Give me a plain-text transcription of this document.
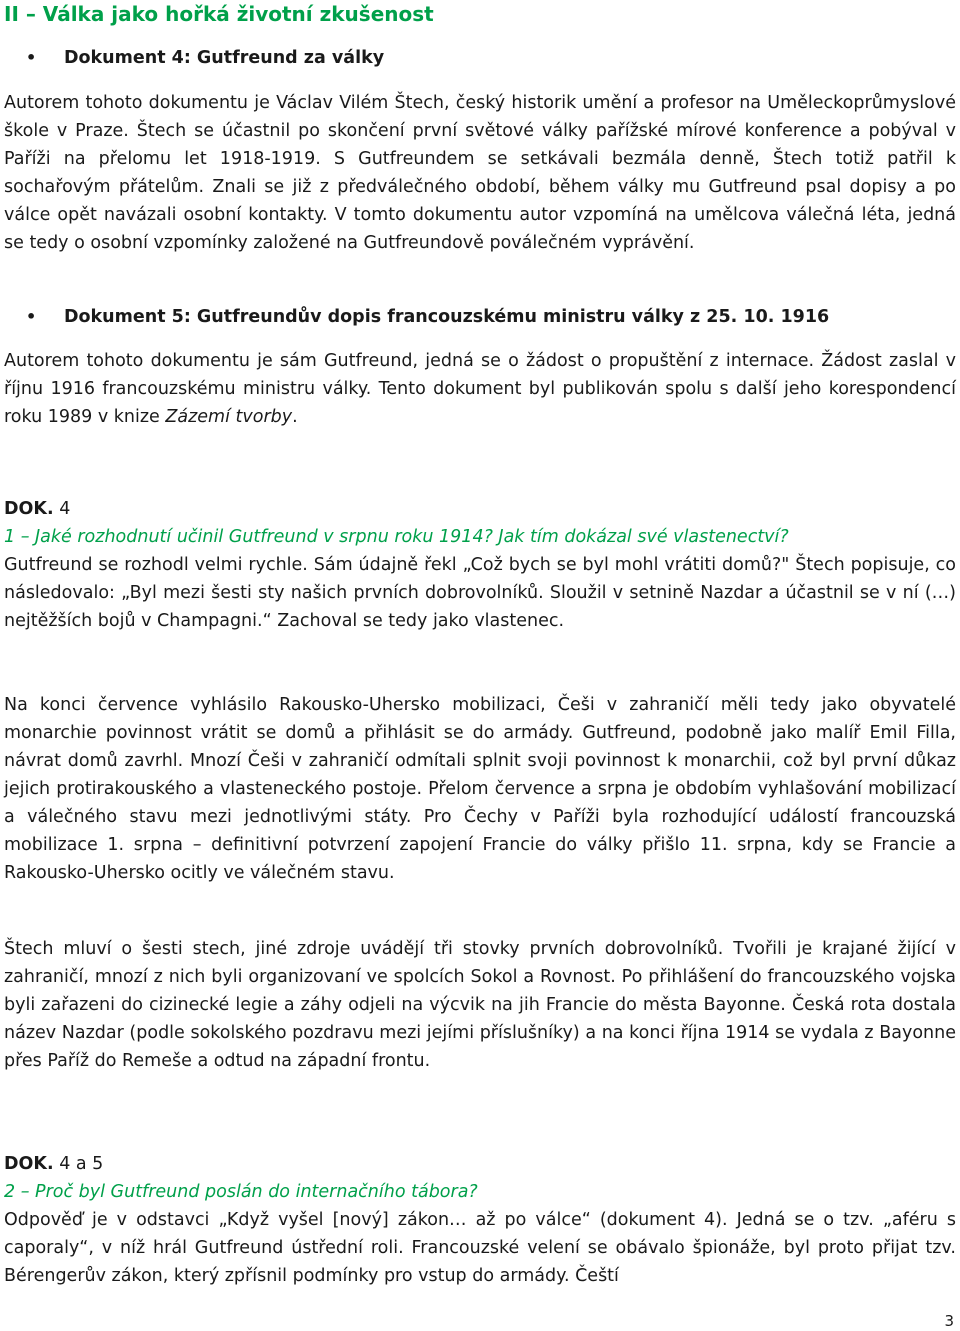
II – Válka jako hořká životní zkušenost
• Dokument 4: Gutfreund za války

Autorem tohoto dokumentu je Václav Vilém Štech, český historik umění a profesor na Uměleckoprůmyslové škole v Praze. Štech se účastnil po skončení první světové války pařížské mírové konference a pobýval v Paříži na přelomu let 1918-1919. S Gutfreundem se setkávali bezmála denně, Štech totiž patřil k sochařovým přátelům. Znali se již z předválečného období, během války mu Gutfreund psal dopisy a po válce opět navázali osobní kontakty. V tomto dokumentu autor vzpomíná na umělcova válečná léta, jedná se tedy o osobní vzpomínky založené na Gutfreundově poválečném vyprávění.

• Dokument 5: Gutfreundův dopis francouzskému ministru války z 25. 10. 1916

Autorem tohoto dokumentu je sám Gutfreund, jedná se o žádost o propuštění z internace. Žádost zaslal v říjnu 1916 francouzskému ministru války. Tento dokument byl publikován spolu s další jeho korespondencí roku 1989 v knize Zázemí tvorby.

DOK. 4
1 – Jaké rozhodnutí učinil Gutfreund v srpnu roku 1914? Jak tím dokázal své vlastenectví?

Gutfreund se rozhodl velmi rychle. Sám údajně řekl „Což bych se byl mohl vrátiti domů?" Štech popisuje, co následovalo: „Byl mezi šesti sty našich prvních dobrovolníků. Sloužil v setnině Nazdar a účastnil se v ní (…) nejtěžších bojů v Champagni.“ Zachoval se tedy jako vlastenec.

Na konci července vyhlásilo Rakousko-Uhersko mobilizaci, Češi v zahraničí měli tedy jako obyvatelé monarchie povinnost vrátit se domů a přihlásit se do armády. Gutfreund, podobně jako malíř Emil Filla, návrat domů zavrhl. Mnozí Češi v zahraničí odmítali splnit svoji povinnost k monarchii, což byl první důkaz jejich protirakouského a vlasteneckého postoje. Přelom července a srpna je obdobím vyhlašování mobilizací a válečného stavu mezi jednotlivými státy. Pro Čechy v Paříži byla rozhodující událostí francouzská mobilizace 1. srpna – definitivní potvrzení zapojení Francie do války přišlo 11. srpna, kdy se Francie a Rakousko-Uhersko ocitly ve válečném stavu.

Štech mluví o šesti stech, jiné zdroje uvádějí tři stovky prvních dobrovolníků. Tvořili je krajané žijící v zahraničí, mnozí z nich byli organizovaní ve spolcích Sokol a Rovnost. Po přihlášení do francouzského vojska byli zařazeni do cizinecké legie a záhy odjeli na výcvik na jih Francie do města Bayonne. Česká rota dostala název Nazdar (podle sokolského pozdravu mezi jejími příslušníky) a na konci října 1914 se vydala z Bayonne přes Paříž do Remeše a odtud na západní frontu.

DOK. 4 a 5
2 – Proč byl Gutfreund poslán do internačního tábora?

Odpověď je v odstavci „Když vyšel [nový] zákon… až po válce“ (dokument 4). Jedná se o tzv. „aféru s caporaly“, v níž hrál Gutfreund ústřední roli. Francouzské velení se obávalo špionáže, byl proto přijat tzv. Bérengerův zákon, který zpřísnil podmínky pro vstup do armády. Čeští

3
